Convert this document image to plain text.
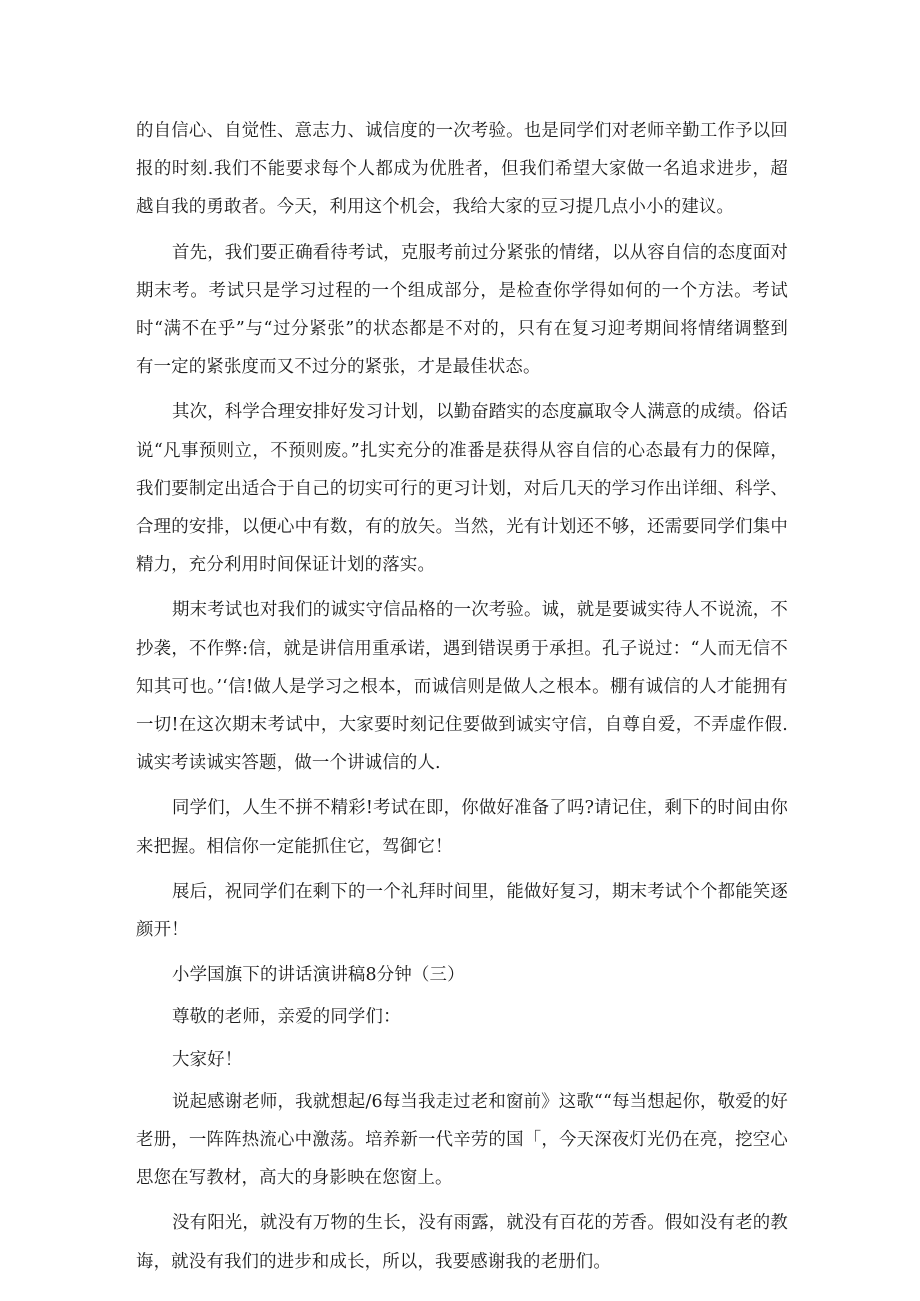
的自信心、自觉性、意志力、诚信度的一次考验。也是同学们对老师辛勤工作予以回报的时刻.我们不能要求每个人都成为优胜者，但我们希望大家做一名追求进步，超越自我的勇敢者。今天，利用这个机会，我给大家的豆习提几点小小的建议。

首先，我们要正确看待考试，克服考前过分紧张的情绪，以从容自信的态度面对期末考。考试只是学习过程的一个组成部分，是检查你学得如何的一个方法。考试时“满不在乎”与“过分紧张”的状态都是不对的，只有在复习迎考期间将情绪调整到有一定的紧张度而又不过分的紧张，才是最佳状态。

其次，科学合理安排好发习计划，以勤奋踏实的态度赢取令人满意的成绩。俗话说“凡事预则立，不预则废。”扎实充分的准番是获得从容自信的心态最有力的保障，我们要制定出适合于自己的切实可行的更习计划，对后几天的学习作出详细、科学、合理的安排，以便心中有数，有的放矢。当然，光有计划还不够，还需要同学们集中精力，充分利用时间保证计划的落实。

期末考试也对我们的诚实守信品格的一次考验。诚，就是要诚实待人不说流，不抄袭，不作弊:信，就是讲信用重承诺，遇到错误勇于承担。孔子说过：“人而无信不知其可也。’‘信!做人是学习之根本，而诚信则是做人之根本。棚有诚信的人才能拥有一切!在这次期末考试中，大家要时刻记住要做到诚实守信，自尊自爱，不弄虚作假.诚实考读诚实答题，做一个讲诚信的人.

同学们，人生不拼不精彩!考试在即，你做好准备了吗?请记住，剩下的时间由你来把握。相信你一定能抓住它，驾御它！

展后，祝同学们在剩下的一个礼拜时间里，能做好复习，期末考试个个都能笑逐颜开！

小学国旗下的讲话演讲稿8分钟（三）

尊敬的老师，亲爱的同学们：

大家好！

说起感谢老师，我就想起/6每当我走过老和窗前》这歌““每当想起你，敬爱的好老册，一阵阵热流心中激荡。培养新一代辛劳的国「，今天深夜灯光仍在亮，挖空心思您在写教材，高大的身影映在您窗上。

没有阳光，就没有万物的生长，没有雨露，就没有百花的芳香。假如没有老的教诲，就没有我们的进步和成长，所以，我要感谢我的老册们。
